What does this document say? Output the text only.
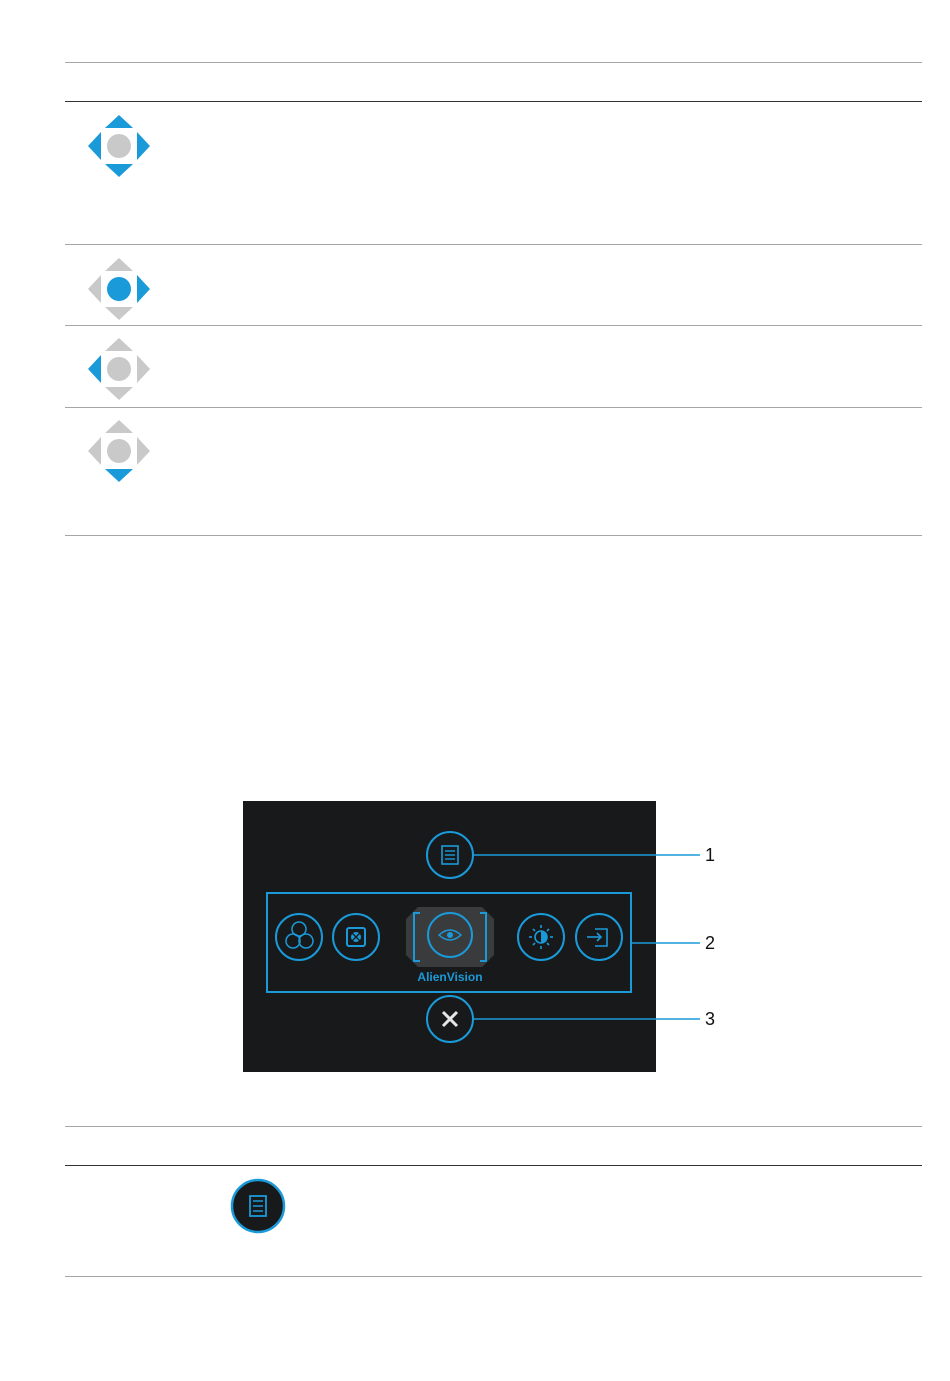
AlienVision
1
2
3
